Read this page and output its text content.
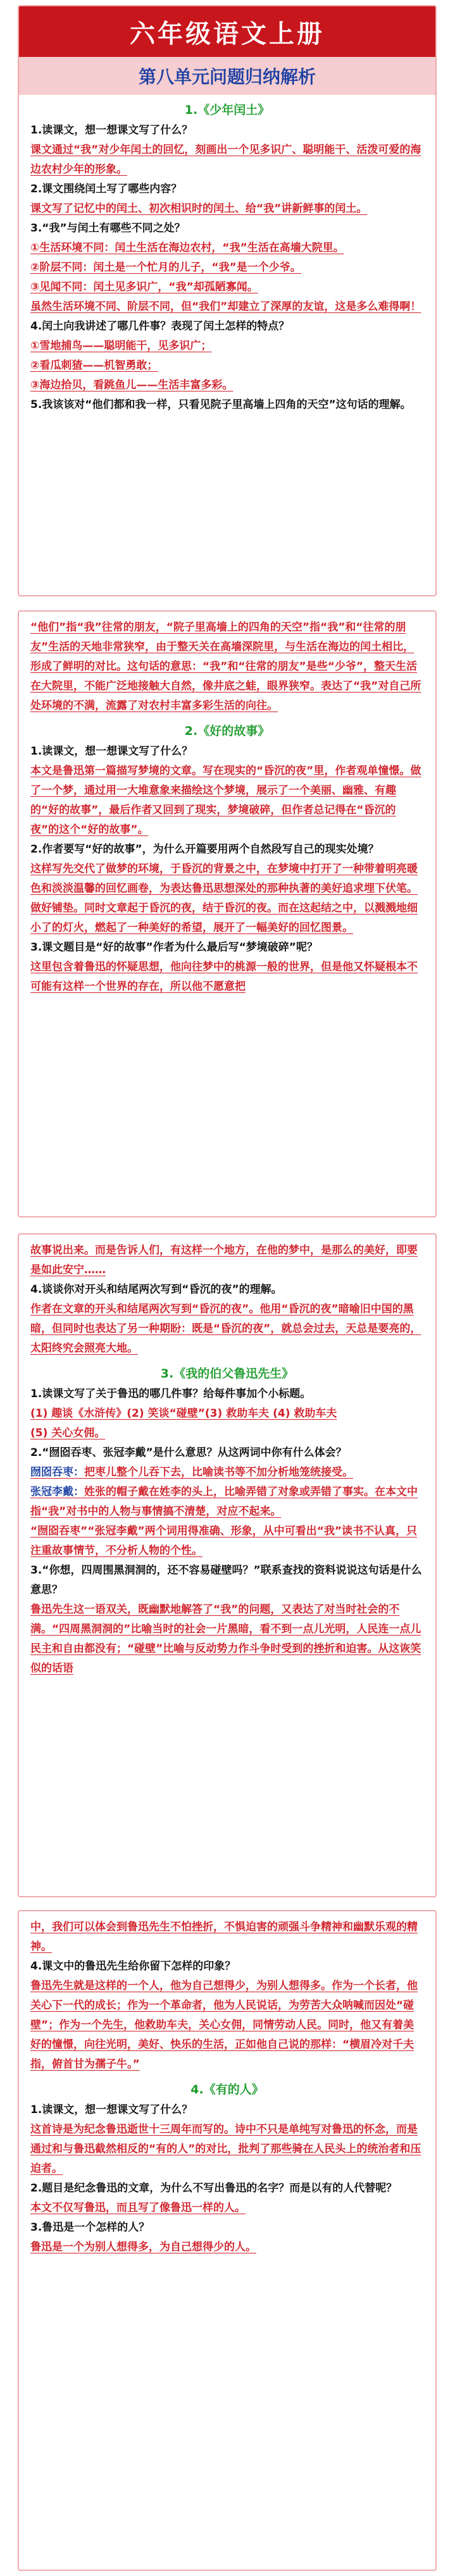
六年级语文上册
第八单元问题归纳解析
1.《少年闰土》

1.读课文，想一想课文写了什么？

课文通过“我”对少年闰土的回忆，刻画出一个见多识广、聪明能干、活泼可爱的海边农村少年的形象。

2.课文围绕闰土写了哪些内容？

课文写了记忆中的闰土、初次相识时的闰土、给“我”讲新鲜事的闰土。

3.“我”与闰土有哪些不同之处？

①生活环境不同：闰土生活在海边农村，“我”生活在高墙大院里。

②阶层不同：闰土是一个忙月的儿子，“我”是一个少爷。

③见闻不同：闰土见多识广，“我”却孤陋寡闻。

虽然生活环境不同、阶层不同，但“我们”却建立了深厚的友谊，这是多么难得啊！

4.闰土向我讲述了哪几件事？表现了闰土怎样的特点？

①雪地捕鸟——聪明能干，见多识广；

②看瓜刺猹——机智勇敢；

③海边拾贝，看跳鱼儿——生活丰富多彩。

5.我该该对“他们都和我一样，只看见院子里高墙上四角的天空”这句话的理解。

“他们”指“我”往常的朋友，“院子里高墙上的四角的天空”指“我”和“往常的朋友”生活的天地非常狭窄，由于整天关在高墙深院里，与生活在海边的闰土相比，形成了鲜明的对比。这句话的意思：“我”和“往常的朋友”是些“少爷”，整天生活在大院里，不能广泛地接触大自然，像井底之蛙，眼界狭窄。表达了“我”对自己所处环境的不满，流露了对农村丰富多彩生活的向往。

2.《好的故事》

1.读课文，想一想课文写了什么？

本文是鲁迅第一篇描写梦境的文章。写在现实的“昏沉的夜”里，作者观单憧憬。做了一个梦，通过用一大堆意象来描绘这个梦境，展示了一个美丽、幽雅、有趣的“好的故事”，最后作者又回到了现实，梦境破碎，但作者总记得在“昏沉的夜”的这个“好的故事”。

2.作者要写“好的故事”，为什么开篇要用两个自然段写自己的现实处境？

这样写先交代了做梦的环境，于昏沉的背景之中，在梦境中打开了一种带着明亮暖色和淡淡温馨的回忆画卷，为表达鲁迅思想深处的那种执著的美好追求埋下伏笔。做好铺垫。同时文章起于昏沉的夜，结于昏沉的夜。而在这起结之中，以溅溅地细小了的灯火，燃起了一种美好的希望，展开了一幅美好的回忆图景。

3.课文题目是“好的故事”作者为什么最后写“梦境破碎”呢？

这里包含着鲁迅的怀疑思想，他向往梦中的桃源一般的世界，但是他又怀疑根本不可能有这样一个世界的存在，所以他不愿意把

故事说出来。而是告诉人们，有这样一个地方，在他的梦中，是那么的美好，即要是如此安宁……

4.谈谈你对开头和结尾两次写到“昏沉的夜”的理解。

作者在文章的开头和结尾两次写到“昏沉的夜”。他用“昏沉的夜”暗喻旧中国的黑暗，但同时也表达了另一种期盼：既是“昏沉的夜”，就总会过去，天总是要亮的，太阳终究会照亮大地。

3.《我的伯父鲁迅先生》

1.读课文写了关于鲁迅的哪几件事？给每件事加个小标题。

(1) 趣谈《水浒传》(2) 笑谈“碰壁”(3) 救助车夫 (4) 救助车夫

(5) 关心女佣。

2.“囫囵吞枣、张冠李戴”是什么意思？从这两词中你有什么体会？

囫囵吞枣：把枣儿整个儿吞下去，比喻读书等不加分析地笼统接受。

张冠李戴：姓张的帽子戴在姓李的头上，比喻弄错了对象或弄错了事实。在本文中指“我”对书中的人物与事情搞不清楚，对应不起来。

“囫囵吞枣”“张冠李戴”两个词用得准确、形象，从中可看出“我”读书不认真，只注重故事情节，不分析人物的个性。

3.“你想，四周围黑洞洞的，还不容易碰壁吗？”联系查找的资料说说这句话是什么意思？

鲁迅先生这一语双关，既幽默地解答了“我”的问题，又表达了对当时社会的不满。“四周黑洞洞的”比喻当时的社会一片黑暗，看不到一点儿光明，人民连一点儿民主和自由都没有；“碰壁”比喻与反动势力作斗争时受到的挫折和迫害。从这诙笑似的话语

中，我们可以体会到鲁迅先生不怕挫折，不惧迫害的顽强斗争精神和幽默乐观的精神。

4.课文中的鲁迅先生给你留下怎样的印象？

鲁迅先生就是这样的一个人，他为自己想得少，为别人想得多。作为一个长者，他关心下一代的成长；作为一个革命者，他为人民说话，为劳苦大众呐喊而因处“碰壁”；作为一个先生，他救助车夫，关心女佣，同情劳动人民。同时，他又有着美好的憧憬，向往光明，美好、快乐的生活，正如他自己说的那样：“横眉冷对千夫指，俯首甘为孺子牛。”

4.《有的人》

1.读课文，想一想课文写了什么？

这首诗是为纪念鲁迅逝世十三周年而写的。诗中不只是单纯写对鲁迅的怀念，而是通过和与鲁迅截然相反的“有的人”的对比，批判了那些骑在人民头上的统治者和压迫者。

2.题目是纪念鲁迅的文章，为什么不写出鲁迅的名字？而是以有的人代替呢？

本文不仅写鲁迅，而且写了像鲁迅一样的人。

3.鲁迅是一个怎样的人？

鲁迅是一个为别人想得多，为自己想得少的人。
